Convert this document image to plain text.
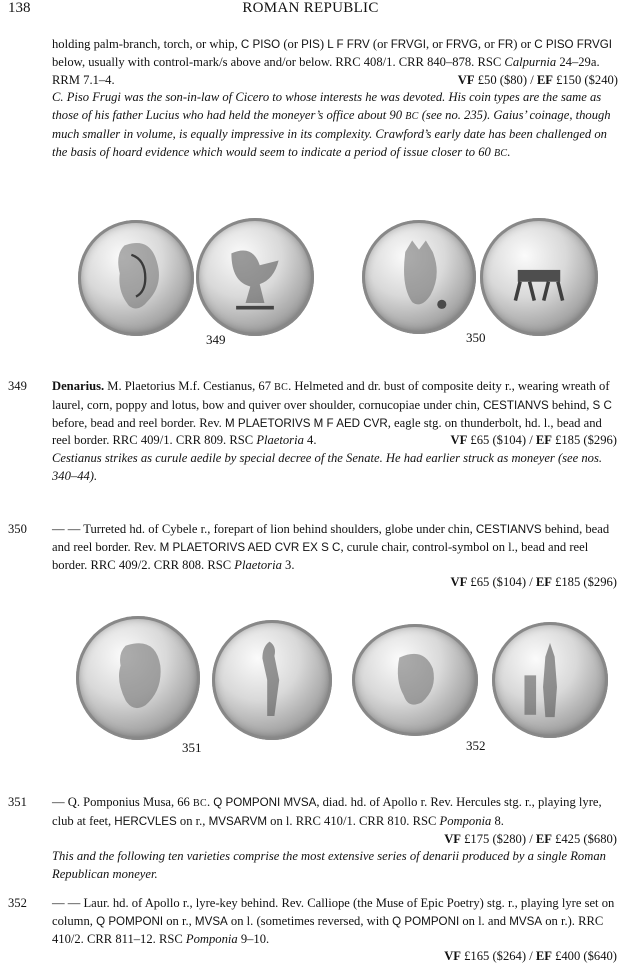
138	ROMAN REPUBLIC
holding palm-branch, torch, or whip, C PISO (or PIS) L F FRV (or FRVGI, or FRVG, or FR) or C PISO FRVGI below, usually with control-mark/s above and/or below. RRC 408/1. CRR 840–878. RSC Calpurnia 24–29a. RRM 7.1–4.	VF £50 ($80) / EF £150 ($240)
C. Piso Frugi was the son-in-law of Cicero to whose interests he was devoted. His coin types are the same as those of his father Lucius who had held the moneyer’s office about 90 BC (see no. 235). Gaius’ coinage, though much smaller in volume, is equally impressive in its complexity. Crawford’s early date has been challenged on the basis of hoard evidence which would seem to indicate a period of issue closer to 60 BC.
349	350
349 Denarius. M. Plaetorius M.f. Cestianus, 67 BC. Helmeted and dr. bust of composite deity r., wearing wreath of laurel, corn, poppy and lotus, bow and quiver over shoulder, cornucopiae under chin, CESTIANVS behind, S C before, bead and reel border. Rev. M PLAETORIVS M F AED CVR, eagle stg. on thunderbolt, hd. l., bead and reel border. RRC 409/1. CRR 809. RSC Plaetoria 4.	VF £65 ($104) / EF £185 ($296)
Cestianus strikes as curule aedile by special decree of the Senate. He had earlier struck as moneyer (see nos. 340–44).
350 — — Turreted hd. of Cybele r., forepart of lion behind shoulders, globe under chin, CESTIANVS behind, bead and reel border. Rev. M PLAETORIVS AED CVR EX S C, curule chair, control-symbol on l., bead and reel border. RRC 409/2. CRR 808. RSC Plaetoria 3.
VF £65 ($104) / EF £185 ($296)
351	352
351 — Q. Pomponius Musa, 66 BC. Q POMPONI MVSA, diad. hd. of Apollo r. Rev. Hercules stg. r., playing lyre, club at feet, HERCVLES on r., MVSARVM on l. RRC 410/1. CRR 810. RSC Pomponia 8.
VF £175 ($280) / EF £425 ($680)
This and the following ten varieties comprise the most extensive series of denarii produced by a single Roman Republican moneyer.
352 — — Laur. hd. of Apollo r., lyre-key behind. Rev. Calliope (the Muse of Epic Poetry) stg. r., playing lyre set on column, Q POMPONI on r., MVSA on l. (sometimes reversed, with Q POMPONI on l. and MVSA on r.). RRC 410/2. CRR 811–12. RSC Pomponia 9–10.
VF £165 ($264) / EF £400 ($640)
